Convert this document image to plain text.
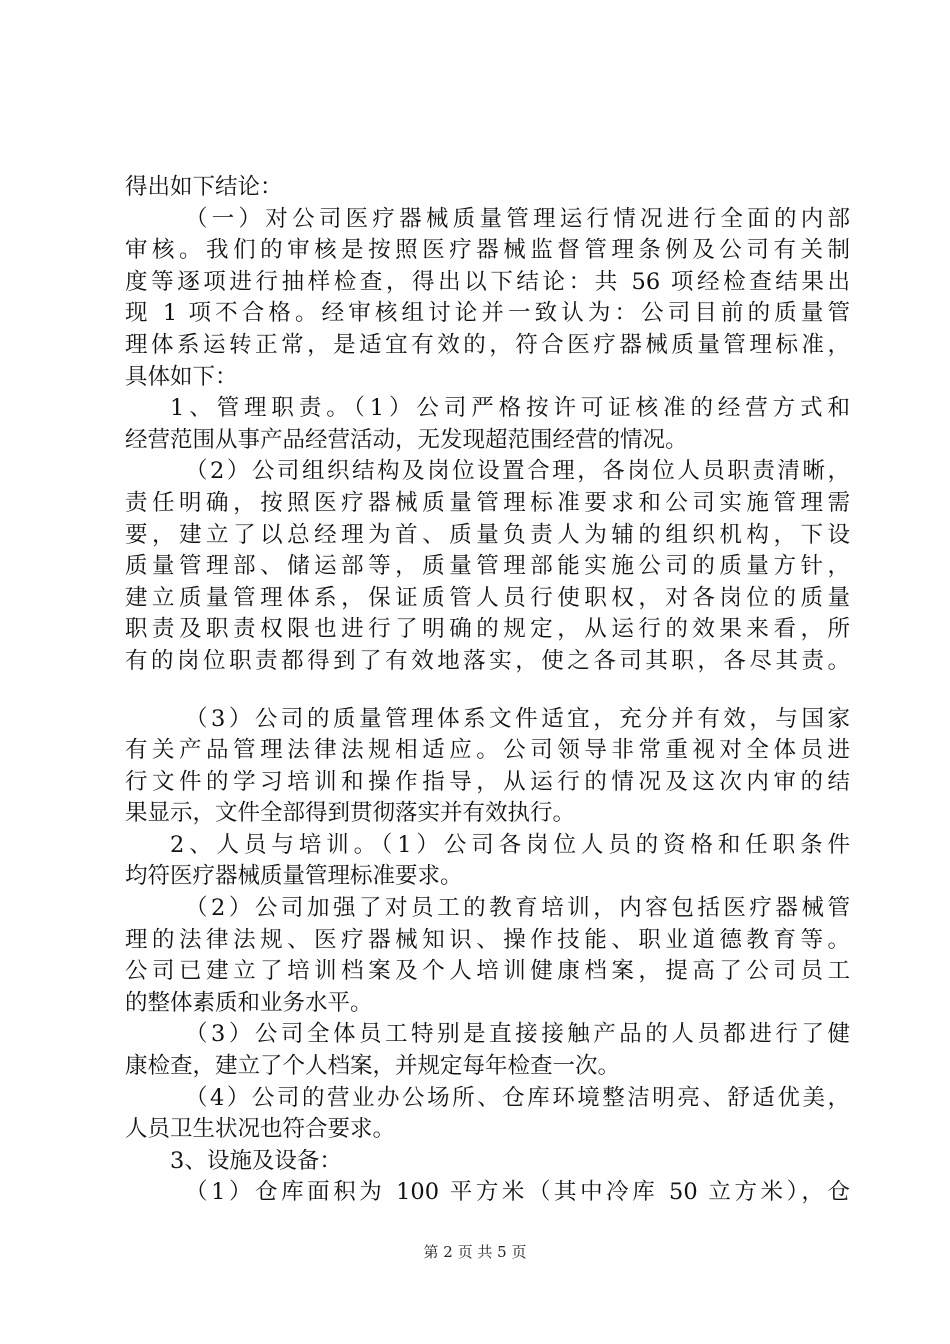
得出如下结论：
（一）对公司医疗器械质量管理运行情况进行全面的内部
审核。我们的审核是按照医疗器械监督管理条例及公司有关制
度等逐项进行抽样检查，得出以下结论：共 56 项经检查结果出
现 1 项不合格。经审核组讨论并一致认为：公司目前的质量管
理体系运转正常，是适宜有效的，符合医疗器械质量管理标准，
具体如下：
1、管理职责。（1）公司严格按许可证核准的经营方式和
经营范围从事产品经营活动，无发现超范围经营的情况。
（2）公司组织结构及岗位设置合理，各岗位人员职责清晰，
责任明确，按照医疗器械质量管理标准要求和公司实施管理需
要，建立了以总经理为首、质量负责人为辅的组织机构，下设
质量管理部、储运部等，质量管理部能实施公司的质量方针，
建立质量管理体系，保证质管人员行使职权，对各岗位的质量
职责及职责权限也进行了明确的规定，从运行的效果来看，所
有的岗位职责都得到了有效地落实，使之各司其职，各尽其责。
（3）公司的质量管理体系文件适宜，充分并有效，与国家
有关产品管理法律法规相适应。公司领导非常重视对全体员进
行文件的学习培训和操作指导，从运行的情况及这次内审的结
果显示，文件全部得到贯彻落实并有效执行。
2、人员与培训。（1）公司各岗位人员的资格和任职条件
均符医疗器械质量管理标准要求。
（2）公司加强了对员工的教育培训，内容包括医疗器械管
理的法律法规、医疗器械知识、操作技能、职业道德教育等。
公司已建立了培训档案及个人培训健康档案，提高了公司员工
的整体素质和业务水平。
（3）公司全体员工特别是直接接触产品的人员都进行了健
康检查，建立了个人档案，并规定每年检查一次。
（4）公司的营业办公场所、仓库环境整洁明亮、舒适优美，
人员卫生状况也符合要求。
3、设施及设备：
（1）仓库面积为 100 平方米（其中冷库 50 立方米），仓
第 2 页 共 5 页
